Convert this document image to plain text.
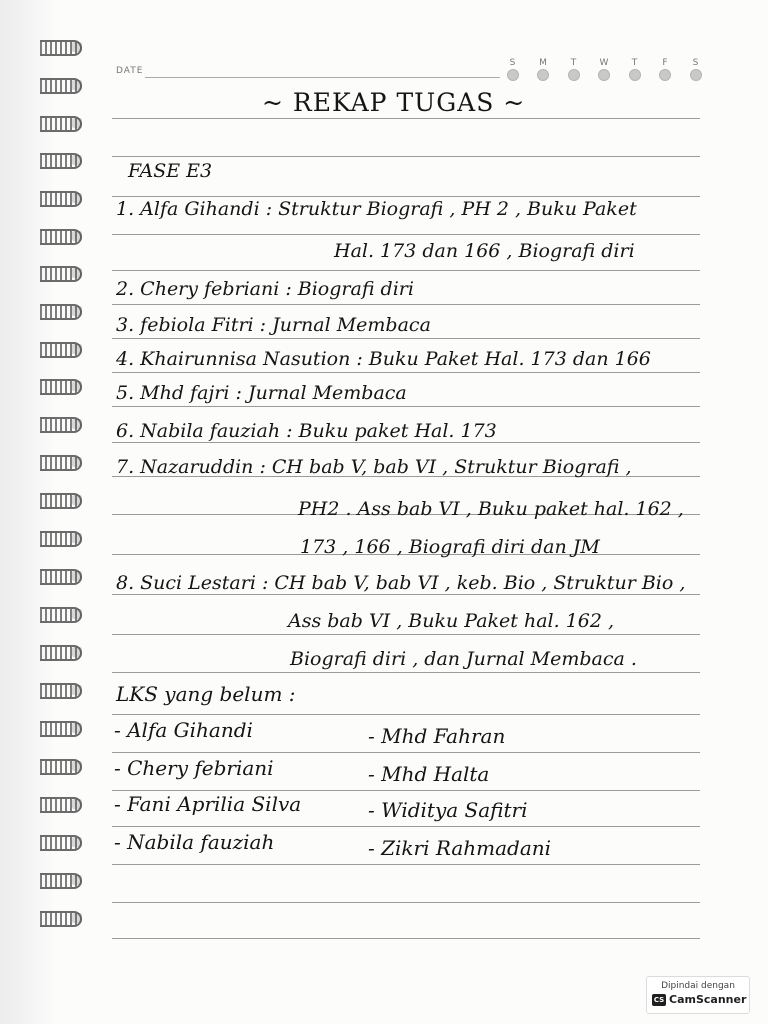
DATE
S	M	T	W	T	F	S
~ REKAP TUGAS ~
FASE E3
1. Alfa Gihandi : Struktur Biografi , PH 2 , Buku Paket
Hal. 173 dan 166 , Biografi diri
2. Chery febriani : Biografi diri
3. febiola Fitri : Jurnal Membaca
4. Khairunnisa Nasution : Buku Paket Hal. 173 dan 166
5. Mhd fajri : Jurnal Membaca
6. Nabila fauziah : Buku paket Hal. 173
7. Nazaruddin : CH bab V, bab VI , Struktur Biografi ,
PH2 . Ass bab VI , Buku paket hal. 162 ,
173 , 166 , Biografi diri dan JM
8. Suci Lestari : CH bab V, bab VI , keb. Bio , Struktur Bio ,
Ass bab VI , Buku Paket hal. 162 ,
Biografi diri , dan Jurnal Membaca .
LKS yang belum :
- Alfa Gihandi	- Mhd Fahran
- Chery febriani	- Mhd Halta
- Fani Aprilia Silva	- Widitya Safitri
- Nabila fauziah	- Zikri Rahmadani
Dipindai dengan
CS CamScanner
